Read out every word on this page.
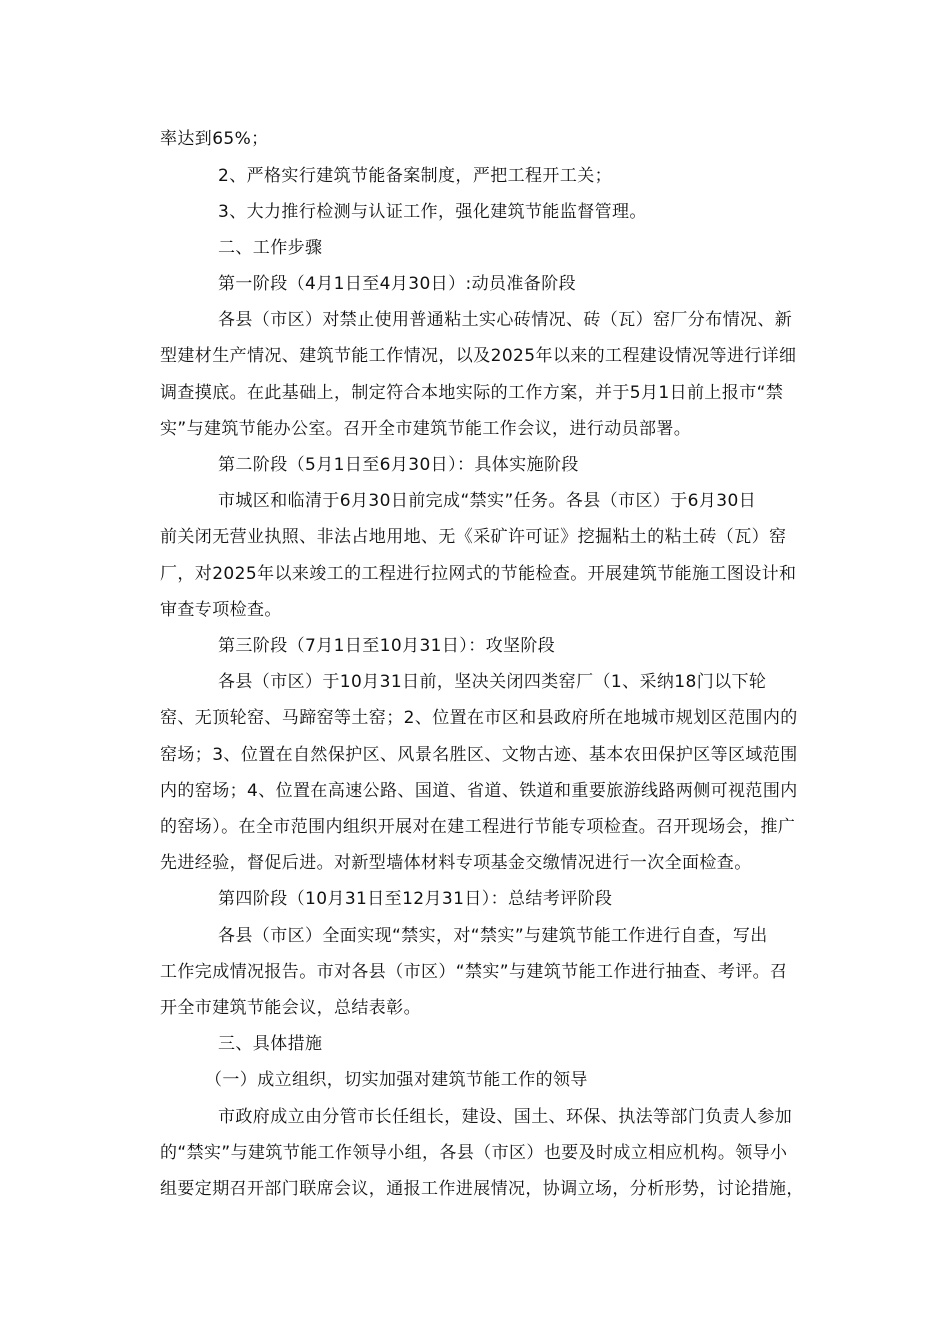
率达到65%；
2、严格实行建筑节能备案制度，严把工程开工关；
3、大力推行检测与认证工作，强化建筑节能监督管理。
二、工作步骤
第一阶段（4月1日至4月30日）:动员准备阶段
各县（市区）对禁止使用普通粘土实心砖情况、砖（瓦）窑厂分布情况、新
型建材生产情况、建筑节能工作情况，以及2025年以来的工程建设情况等进行详细
调查摸底。在此基础上，制定符合本地实际的工作方案，并于5月1日前上报市“禁
实”与建筑节能办公室。召开全市建筑节能工作会议，进行动员部署。
第二阶段（5月1日至6月30日）：具体实施阶段
市城区和临清于6月30日前完成“禁实”任务。各县（市区）于6月30日
前关闭无营业执照、非法占地用地、无《采矿许可证》挖掘粘土的粘土砖（瓦）窑
厂，对2025年以来竣工的工程进行拉网式的节能检查。开展建筑节能施工图设计和
审查专项检查。
第三阶段（7月1日至10月31日）：攻坚阶段
各县（市区）于10月31日前，坚决关闭四类窑厂（1、采纳18门以下轮
窑、无顶轮窑、马蹄窑等土窑；2、位置在市区和县政府所在地城市规划区范围内的
窑场；3、位置在自然保护区、风景名胜区、文物古迹、基本农田保护区等区域范围
内的窑场；4、位置在高速公路、国道、省道、铁道和重要旅游线路两侧可视范围内
的窑场）。在全市范围内组织开展对在建工程进行节能专项检查。召开现场会，推广
先进经验，督促后进。对新型墙体材料专项基金交缴情况进行一次全面检查。
第四阶段（10月31日至12月31日）：总结考评阶段
各县（市区）全面实现“禁实，对“禁实”与建筑节能工作进行自查，写出
工作完成情况报告。市对各县（市区）“禁实”与建筑节能工作进行抽查、考评。召
开全市建筑节能会议，总结表彰。
三、具体措施
（一）成立组织，切实加强对建筑节能工作的领导
市政府成立由分管市长任组长，建设、国土、环保、执法等部门负责人参加
的“禁实”与建筑节能工作领导小组，各县（市区）也要及时成立相应机构。领导小
组要定期召开部门联席会议，通报工作进展情况，协调立场，分析形势，讨论措施，
